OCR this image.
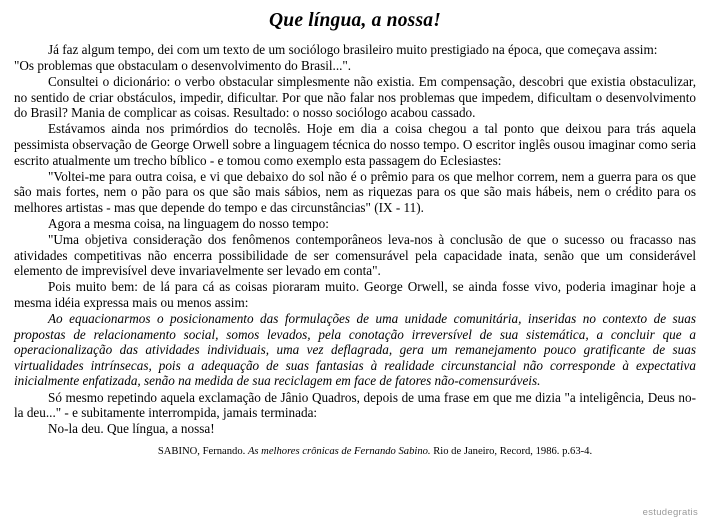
Que língua, a nossa!

Já faz algum tempo, dei com um texto de um sociólogo brasileiro muito prestigiado na época, que começava assim:

"Os problemas que obstaculam o desenvolvimento do Brasil...".

Consultei o dicionário: o verbo obstacular simplesmente não existia. Em compensação, descobri que existia obstaculizar, no sentido de criar obstáculos, impedir, dificultar. Por que não falar nos problemas que impedem, dificultam o desenvolvimento do Brasil? Mania de complicar as coisas. Resultado: o nosso sociólogo acabou cassado.

Estávamos ainda nos primórdios do tecnolês. Hoje em dia a coisa chegou a tal ponto que deixou para trás aquela pessimista observação de George Orwell sobre a linguagem técnica do nosso tempo. O escritor inglês ousou imaginar como seria escrito atualmente um trecho bíblico - e tomou como exemplo esta passagem do Eclesiastes:

"Voltei-me para outra coisa, e vi que debaixo do sol não é o prêmio para os que melhor correm, nem a guerra para os que são mais fortes, nem o pão para os que são mais sábios, nem as riquezas para os que são mais hábeis, nem o crédito para os melhores artistas - mas que depende do tempo e das circunstâncias" (IX - 11).

Agora a mesma coisa, na linguagem do nosso tempo:

"Uma objetiva consideração dos fenômenos contemporâneos leva-nos à conclusão de que o sucesso ou fracasso nas atividades competitivas não encerra possibilidade de ser comensurável pela capacidade inata, senão que um considerável elemento de imprevisível deve invariavelmente ser levado em conta".

Pois muito bem: de lá para cá as coisas pioraram muito. George Orwell, se ainda fosse vivo, poderia imaginar hoje a mesma idéia expressa mais ou menos assim:

Ao equacionarmos o posicionamento das formulações de uma unidade comunitária, inseridas no contexto de suas propostas de relacionamento social, somos levados, pela conotação irreversível de sua sistemática, a concluir que a operacionalização das atividades individuais, uma vez deflagrada, gera um remanejamento pouco gratificante de suas virtualidades intrínsecas, pois a adequação de suas fantasias à realidade circunstancial não corresponde à expectativa inicialmente enfatizada, senão na medida de sua reciclagem em face de fatores não-comensuráveis.

Só mesmo repetindo aquela exclamação de Jânio Quadros, depois de uma frase em que me dizia "a inteligência, Deus no-la deu..." - e subitamente interrompida, jamais terminada:

No-la deu. Que língua, a nossa!

SABINO, Fernando. As melhores crônicas de Fernando Sabino. Rio de Janeiro, Record, 1986. p.63-4.
estudegratis
